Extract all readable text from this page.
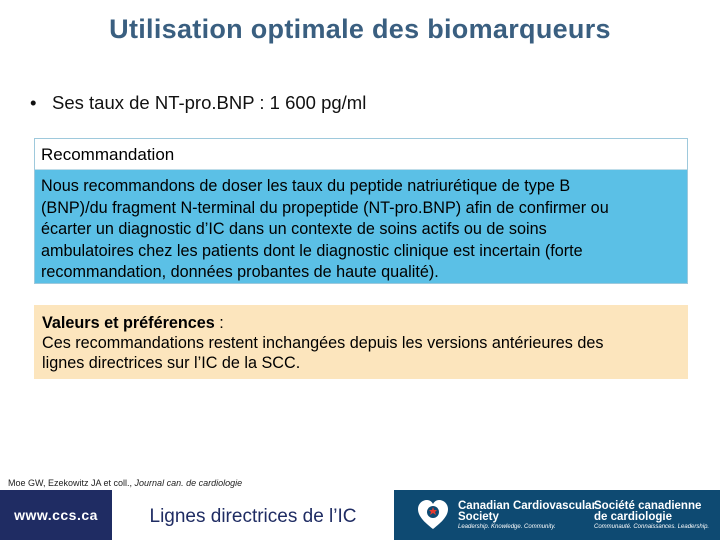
Utilisation optimale des biomarqueurs
• Ses taux de NT-pro.BNP : 1 600 pg/ml
Recommandation
Nous recommandons de doser les taux du peptide natriurétique de type B
(BNP)/du fragment N-terminal du propeptide (NT-pro.BNP) afin de confirmer ou
écarter un diagnostic d’IC dans un contexte de soins actifs ou de soins
ambulatoires chez les patients dont le diagnostic clinique est incertain (forte
recommandation, données probantes de haute qualité).
Valeurs et préférences :
Ces recommandations restent inchangées depuis les versions antérieures des
lignes directrices sur l’IC de la SCC.
Moe GW, Ezekowitz JA et coll., Journal can. de cardiologie
www.ccs.ca	Lignes directrices de l’IC	Canadian Cardiovascular
Society
Leadership. Knowledge. Community.
Société canadienne
de cardiologie
Communauté. Connaissances. Leadership.
